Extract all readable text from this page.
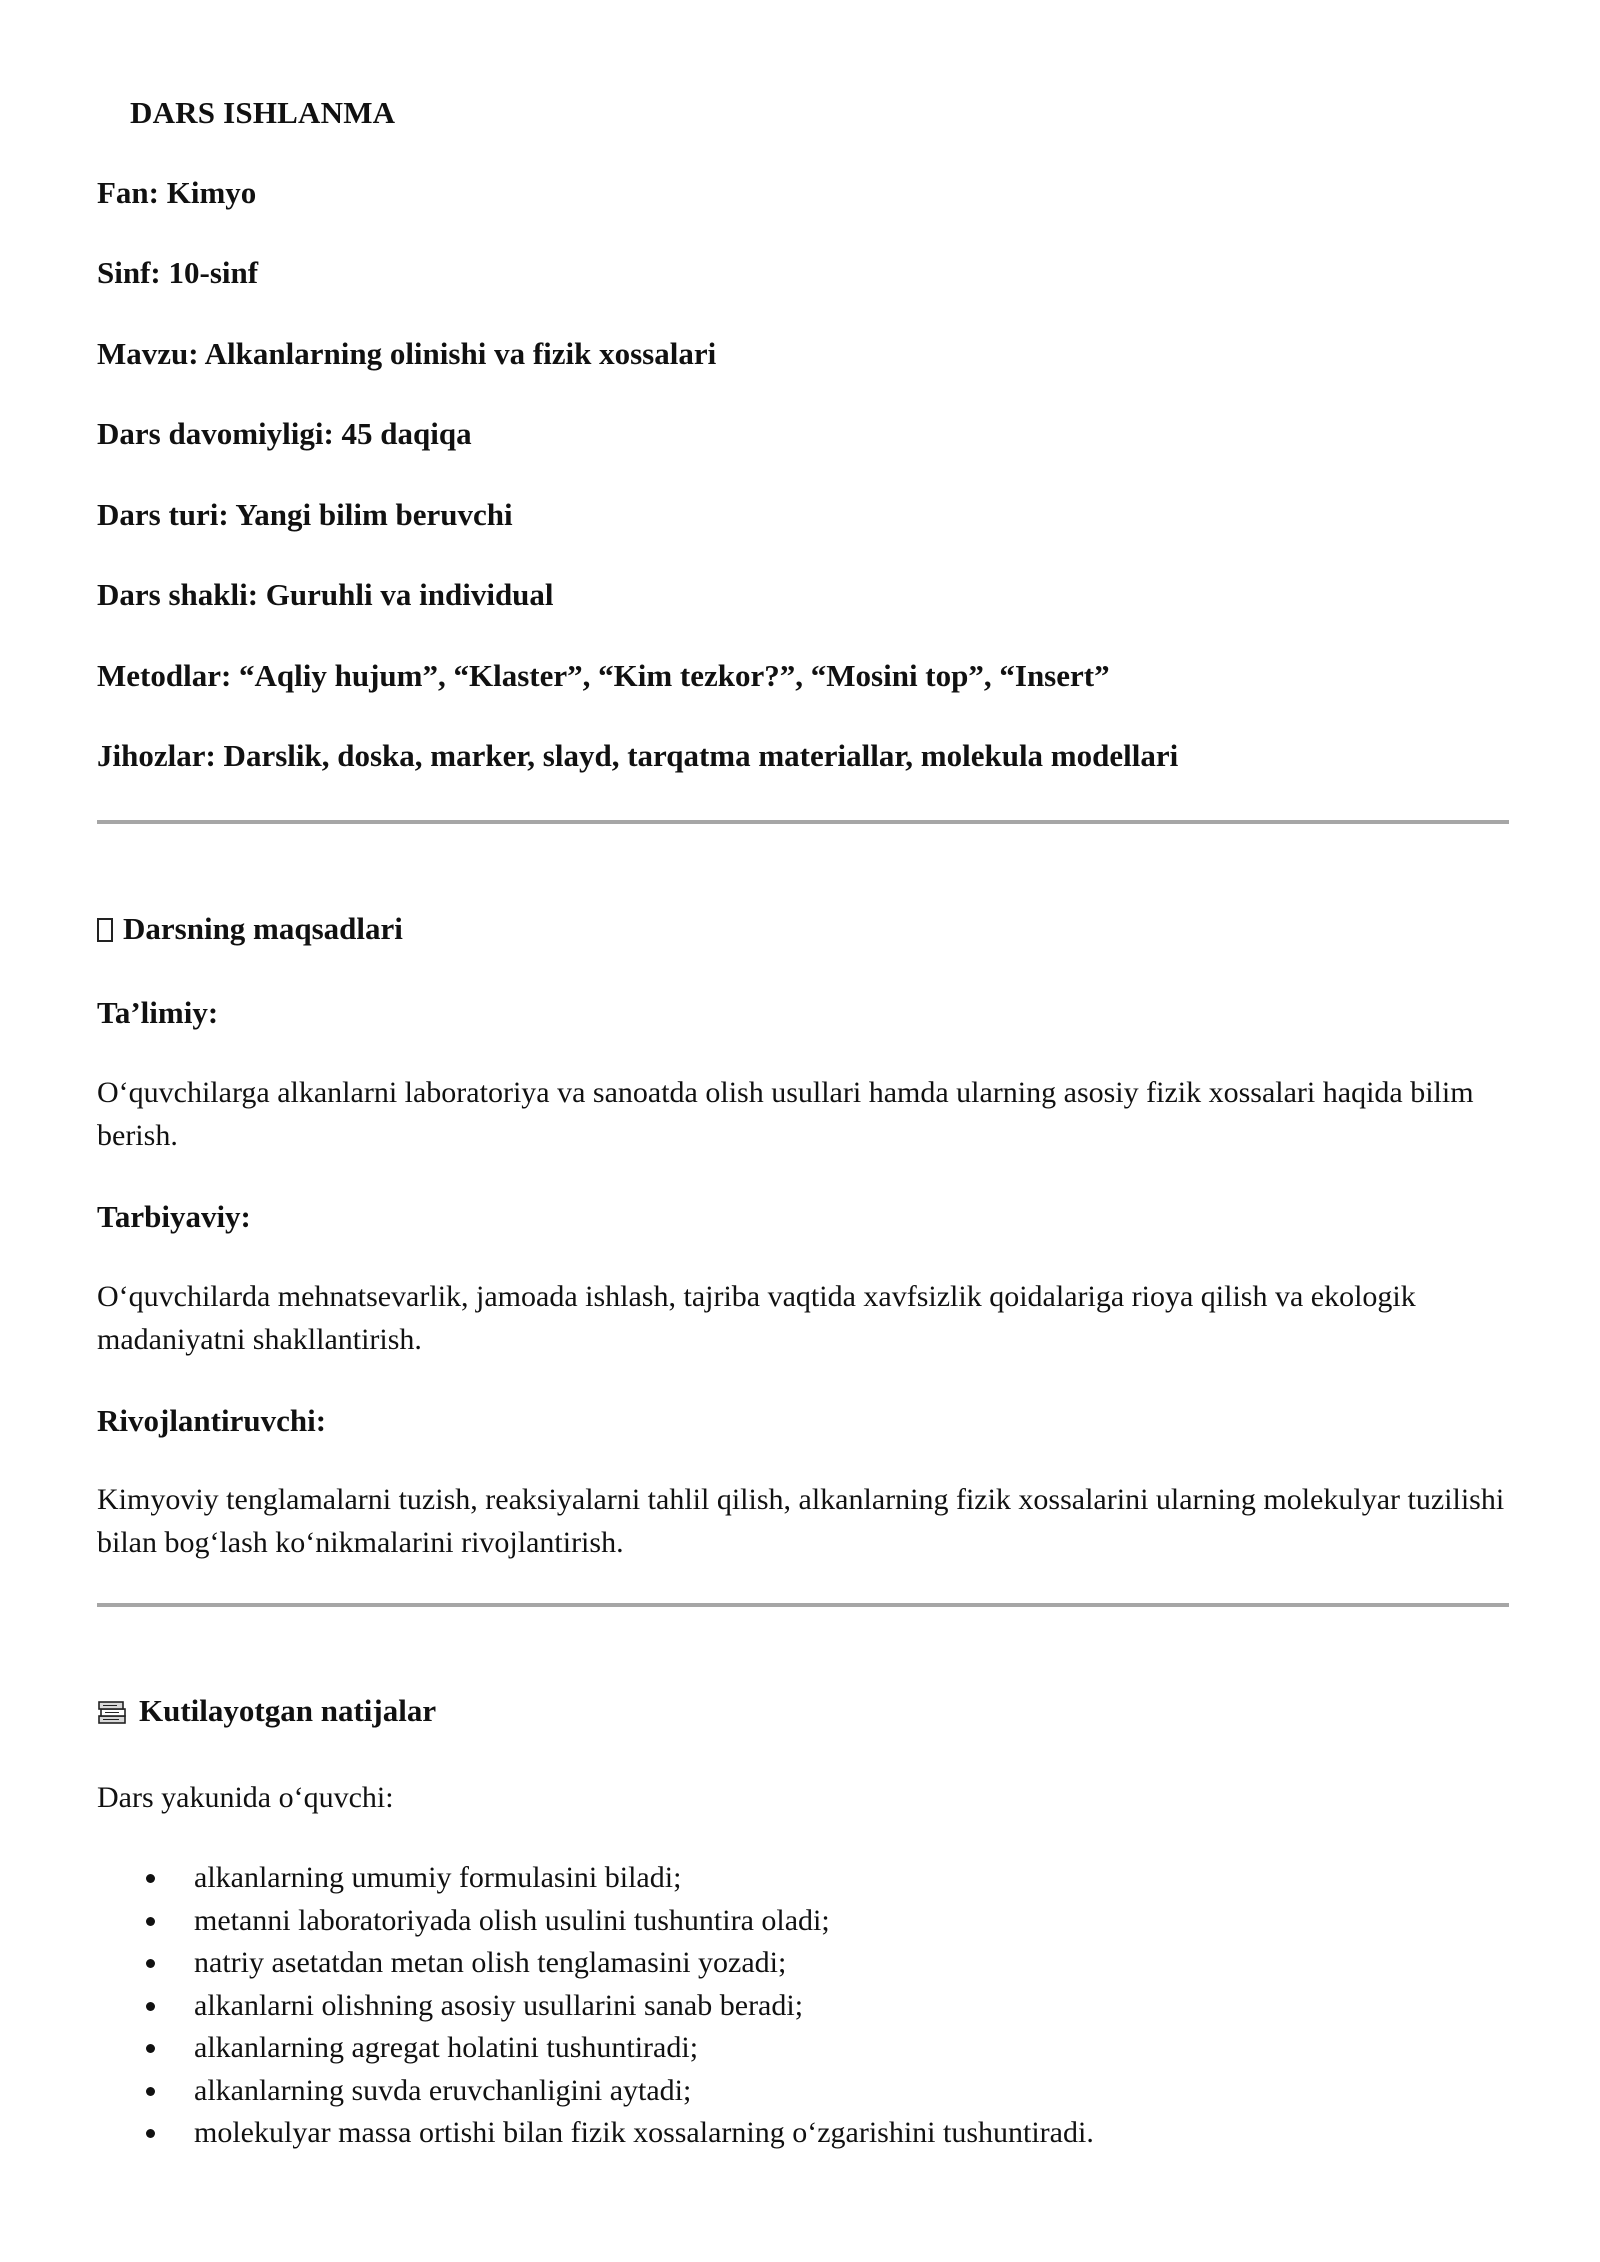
DARS ISHLANMA
Fan: Kimyo
Sinf: 10-sinf
Mavzu: Alkanlarning olinishi va fizik xossalari
Dars davomiyligi: 45 daqiqa
Dars turi: Yangi bilim beruvchi
Dars shakli: Guruhli va individual
Metodlar: “Aqliy hujum”, “Klaster”, “Kim tezkor?”, “Mosini top”, “Insert”
Jihozlar: Darslik, doska, marker, slayd, tarqatma materiallar, molekula modellari
Darsning maqsadlari
Ta’limiy:
O‘quvchilarga alkanlarni laboratoriya va sanoatda olish usullari hamda ularning asosiy fizik xossalari haqida bilim berish.
Tarbiyaviy:
O‘quvchilarda mehnatsevarlik, jamoada ishlash, tajriba vaqtida xavfsizlik qoidalariga rioya qilish va ekologik madaniyatni shakllantirish.
Rivojlantiruvchi:
Kimyoviy tenglamalarni tuzish, reaksiyalarni tahlil qilish, alkanlarning fizik xossalarini ularning molekulyar tuzilishi bilan bog‘lash ko‘nikmalarini rivojlantirish.
Kutilayotgan natijalar
Dars yakunida o‘quvchi:
alkanlarning umumiy formulasini biladi;
metanni laboratoriyada olish usulini tushuntira oladi;
natriy asetatdan metan olish tenglamasini yozadi;
alkanlarni olishning asosiy usullarini sanab beradi;
alkanlarning agregat holatini tushuntiradi;
alkanlarning suvda eruvchanligini aytadi;
molekulyar massa ortishi bilan fizik xossalarning o‘zgarishini tushuntiradi.
